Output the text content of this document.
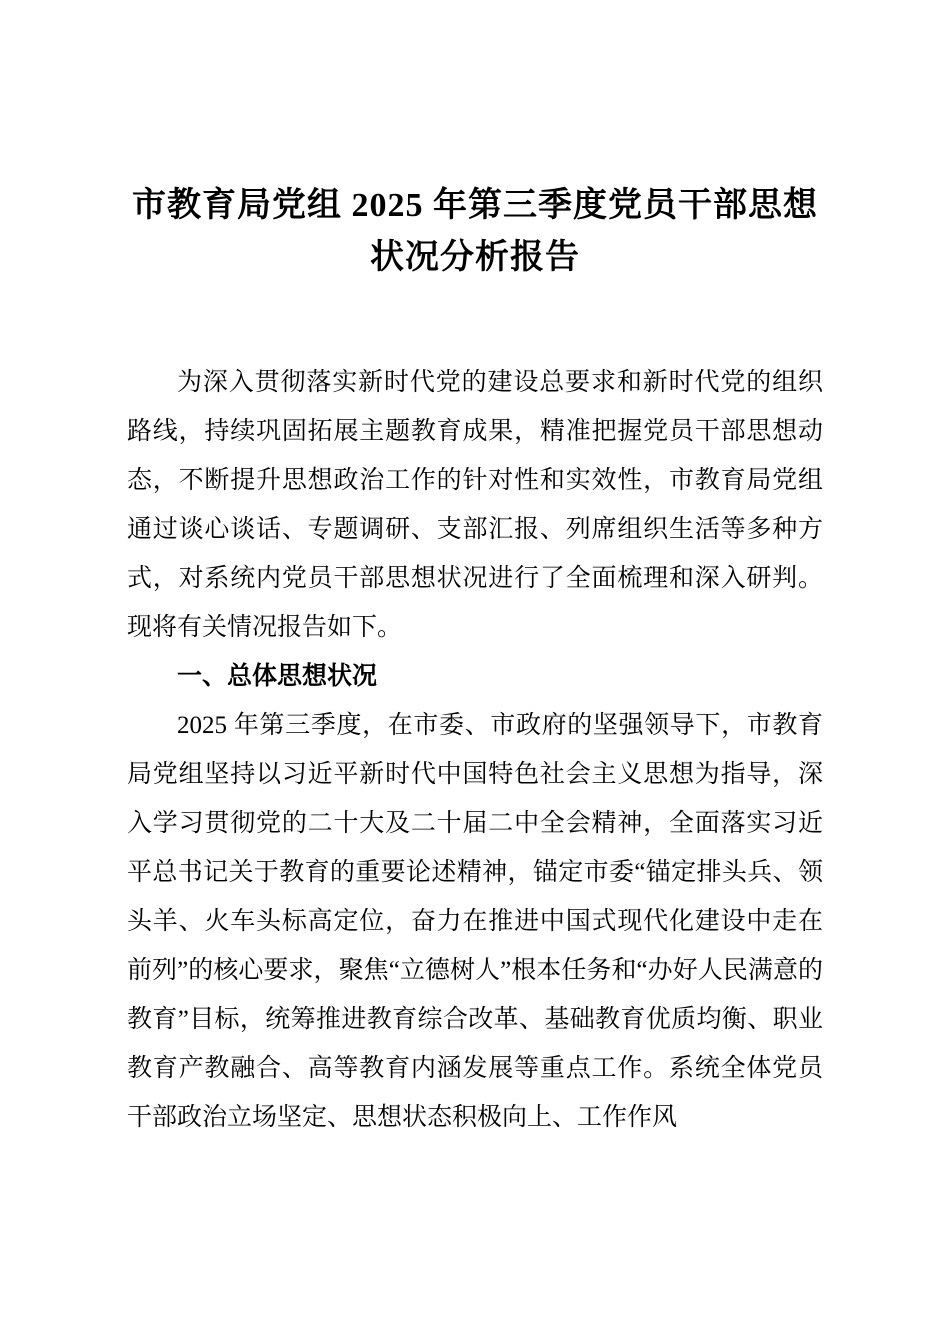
市教育局党组 2025 年第三季度党员干部思想
状况分析报告

为深入贯彻落实新时代党的建设总要求和新时代党的组织路线，持续巩固拓展主题教育成果，精准把握党员干部思想动态，不断提升思想政治工作的针对性和实效性，市教育局党组通过谈心谈话、专题调研、支部汇报、列席组织生活等多种方式，对系统内党员干部思想状况进行了全面梳理和深入研判。现将有关情况报告如下。

一、总体思想状况

2025 年第三季度，在市委、市政府的坚强领导下，市教育局党组坚持以习近平新时代中国特色社会主义思想为指导，深入学习贯彻党的二十大及二十届二中全会精神，全面落实习近平总书记关于教育的重要论述精神，锚定市委“锚定排头兵、领头羊、火车头标高定位，奋力在推进中国式现代化建设中走在前列”的核心要求，聚焦“立德树人”根本任务和“办好人民满意的教育”目标，统筹推进教育综合改革、基础教育优质均衡、职业教育产教融合、高等教育内涵发展等重点工作。系统全体党员干部政治立场坚定、思想状态积极向上、工作作风
